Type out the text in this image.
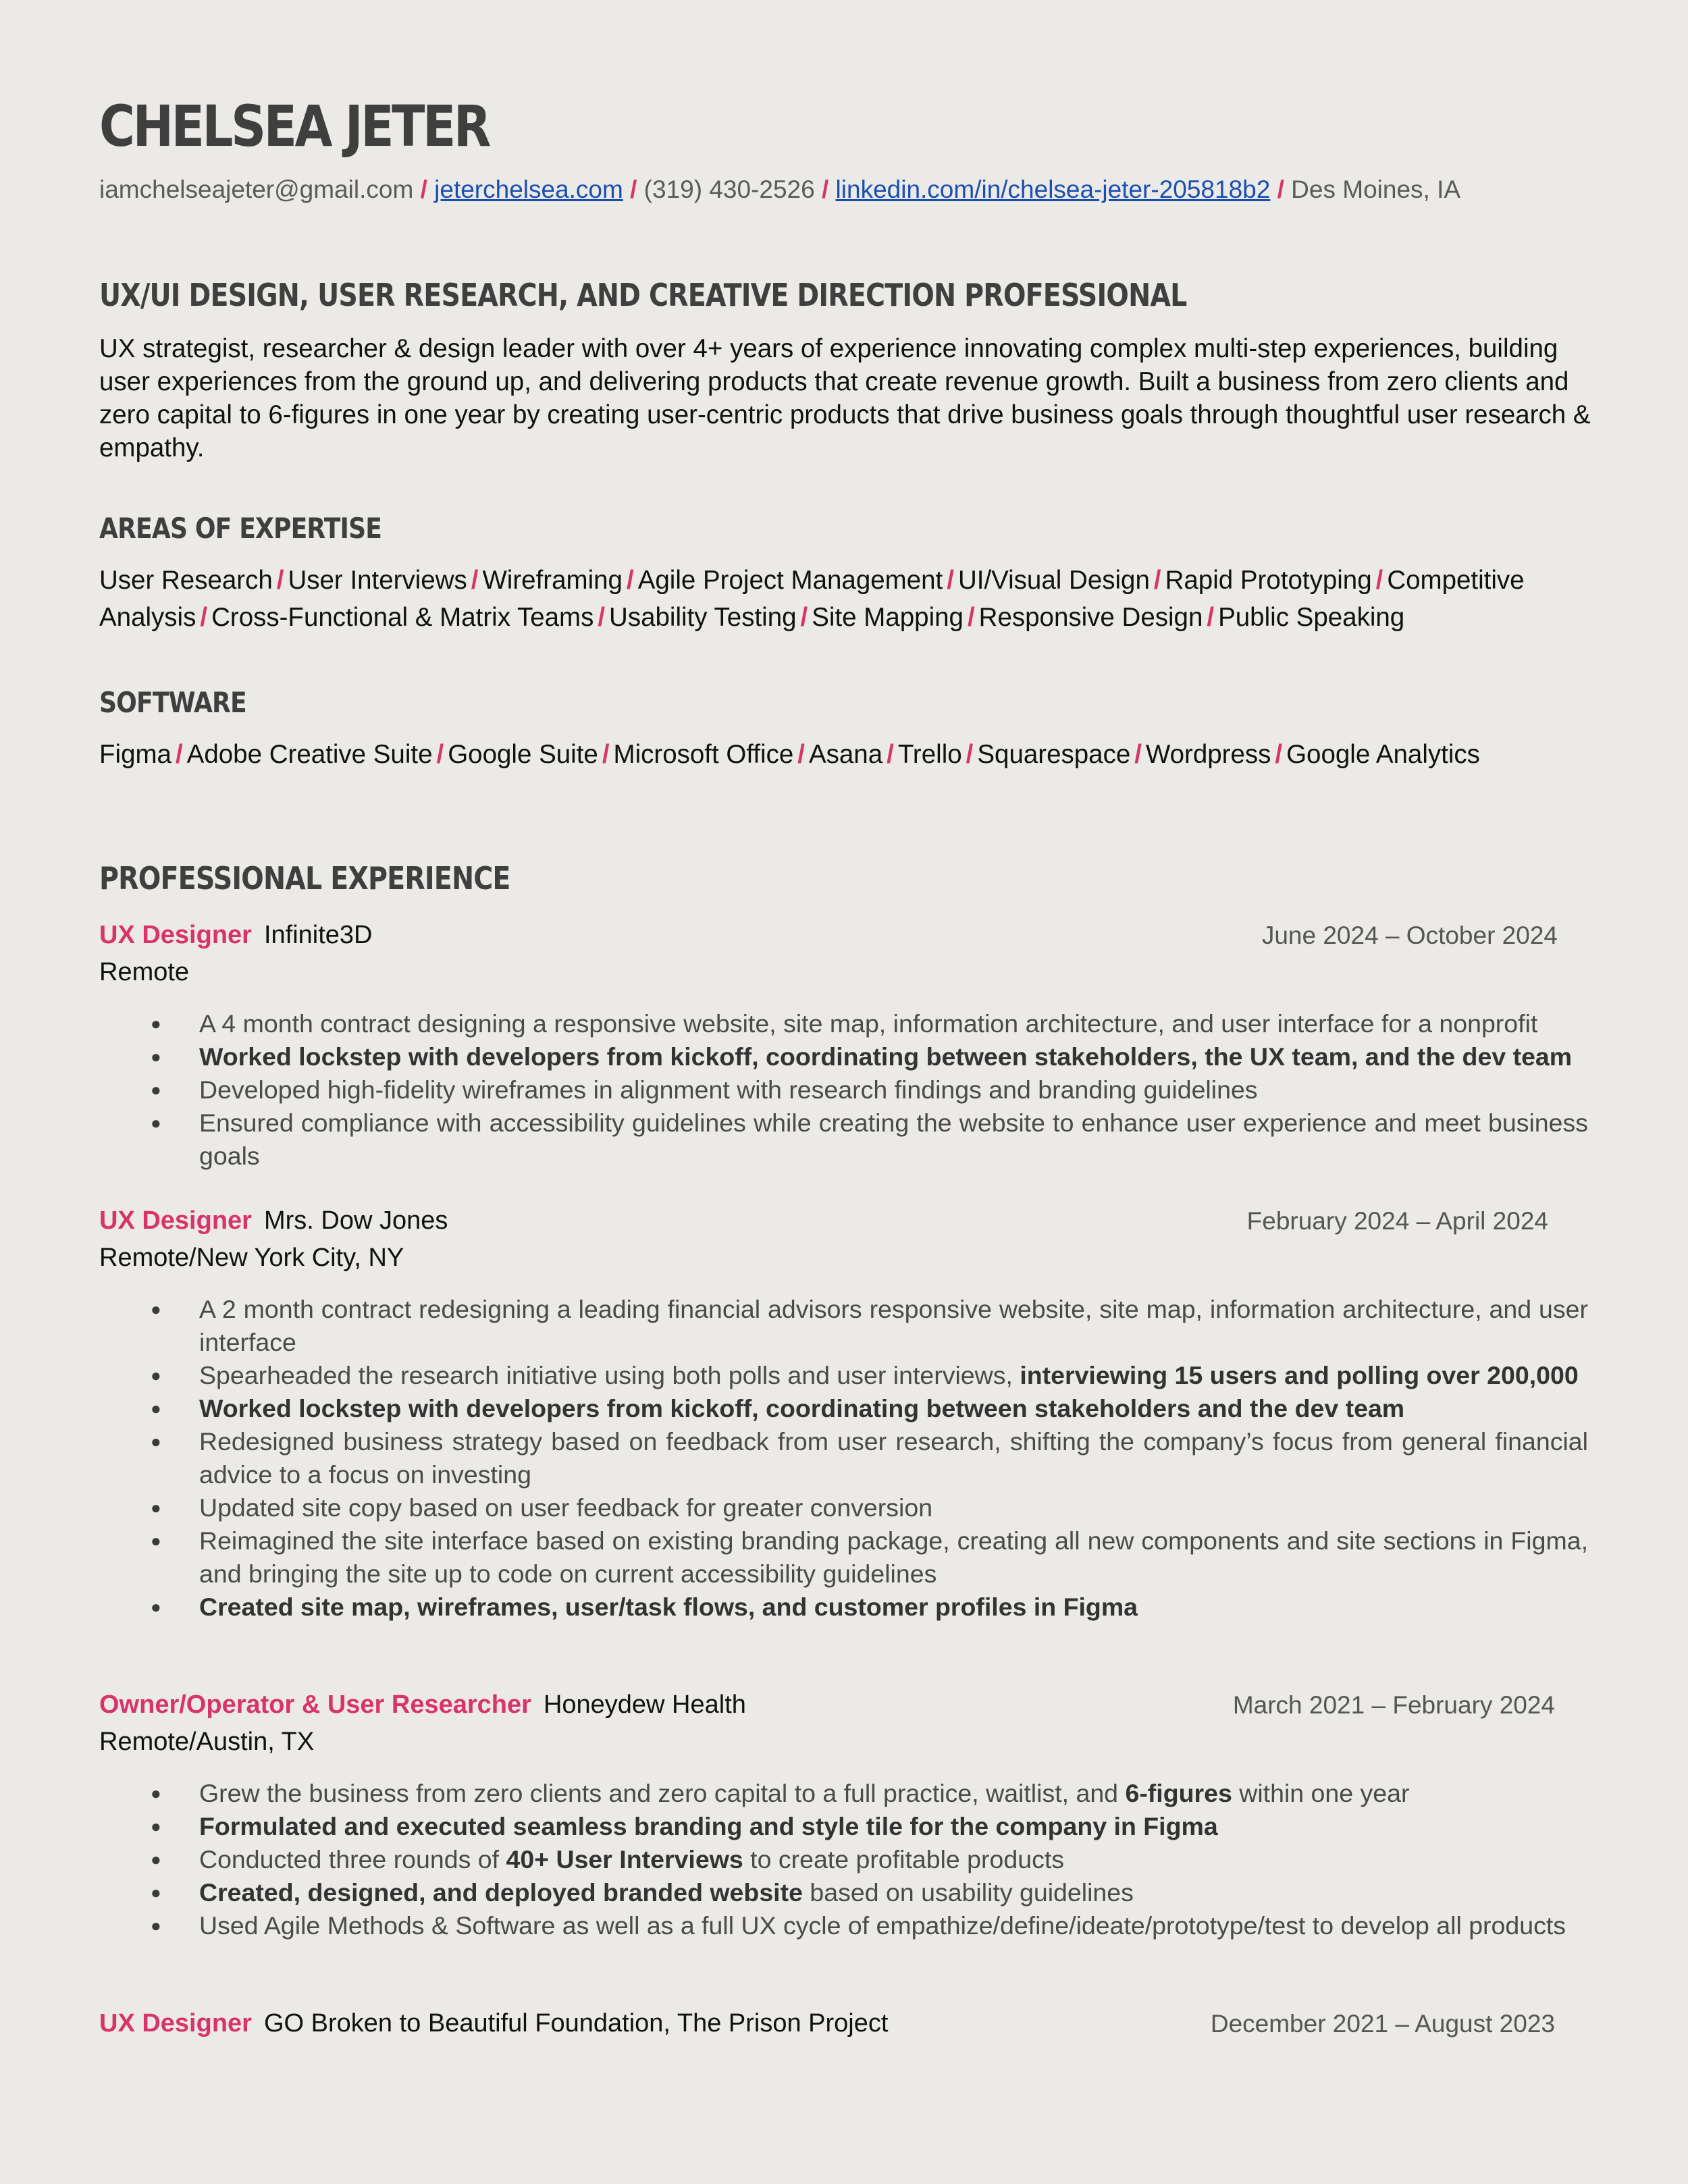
CHELSEA JETER
iamchelseajeter@gmail.com / jeterchelsea.com / (319) 430-2526 / linkedin.com/in/chelsea-jeter-205818b2 / Des Moines, IA
UX/UI DESIGN, USER RESEARCH, AND CREATIVE DIRECTION PROFESSIONAL
UX strategist, researcher & design leader with over 4+ years of experience innovating complex multi-step experiences, building user experiences from the ground up, and delivering products that create revenue growth. Built a business from zero clients and zero capital to 6-figures in one year by creating user-centric products that drive business goals through thoughtful user research & empathy.
AREAS OF EXPERTISE
User Research / User Interviews / Wireframing / Agile Project Management / UI/Visual Design / Rapid Prototyping / Competitive Analysis / Cross-Functional & Matrix Teams / Usability Testing / Site Mapping / Responsive Design / Public Speaking
SOFTWARE
Figma / Adobe Creative Suite / Google Suite / Microsoft Office / Asana / Trello / Squarespace / Wordpress / Google Analytics
PROFESSIONAL EXPERIENCE
UX Designer Infinite3D	June 2024 – October 2024
Remote
● A 4 month contract designing a responsive website, site map, information architecture, and user interface for a nonprofit
● Worked lockstep with developers from kickoff, coordinating between stakeholders, the UX team, and the dev team
● Developed high-fidelity wireframes in alignment with research findings and branding guidelines
● Ensured compliance with accessibility guidelines while creating the website to enhance user experience and meet business goals
UX Designer Mrs. Dow Jones	February 2024 – April 2024
Remote/New York City, NY
● A 2 month contract redesigning a leading financial advisors responsive website, site map, information architecture, and user interface
● Spearheaded the research initiative using both polls and user interviews, interviewing 15 users and polling over 200,000
● Worked lockstep with developers from kickoff, coordinating between stakeholders and the dev team
● Redesigned business strategy based on feedback from user research, shifting the company’s focus from general financial advice to a focus on investing
● Updated site copy based on user feedback for greater conversion
● Reimagined the site interface based on existing branding package, creating all new components and site sections in Figma, and bringing the site up to code on current accessibility guidelines
● Created site map, wireframes, user/task flows, and customer profiles in Figma
Owner/Operator & User Researcher Honeydew Health	March 2021 – February 2024
Remote/Austin, TX
● Grew the business from zero clients and zero capital to a full practice, waitlist, and 6-figures within one year
● Formulated and executed seamless branding and style tile for the company in Figma
● Conducted three rounds of 40+ User Interviews to create profitable products
● Created, designed, and deployed branded website based on usability guidelines
● Used Agile Methods & Software as well as a full UX cycle of empathize/define/ideate/prototype/test to develop all products
UX Designer GO Broken to Beautiful Foundation, The Prison Project	December 2021 – August 2023
